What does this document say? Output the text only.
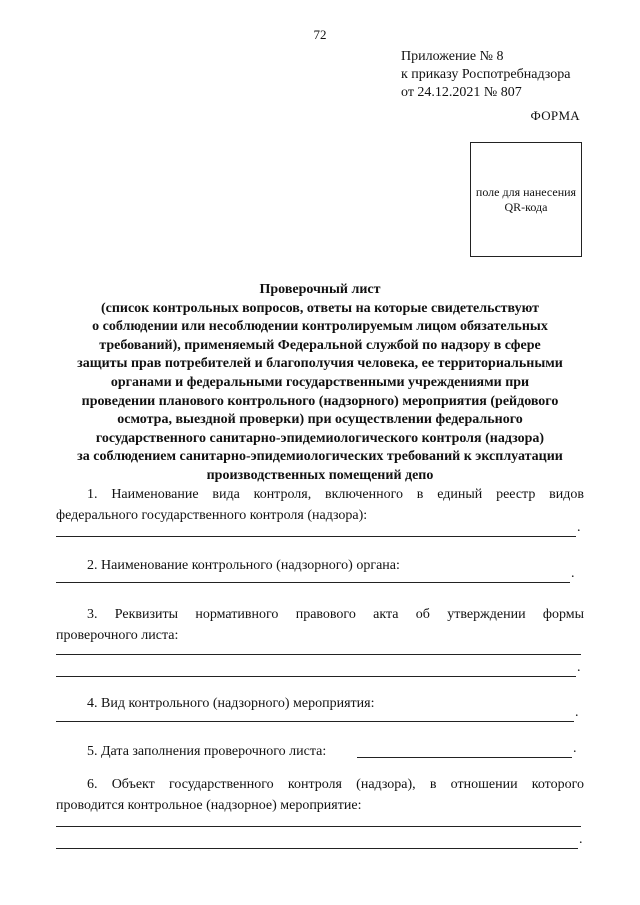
72
Приложение № 8
к приказу Роспотребнадзора
от 24.12.2021 № 807
ФОРМА
поле для нанесения
QR-кода
Проверочный лист
(список контрольных вопросов, ответы на которые свидетельствуют
о соблюдении или несоблюдении контролируемым лицом обязательных
требований), применяемый Федеральной службой по надзору в сфере
защиты прав потребителей и благополучия человека, ее территориальными
органами и федеральными государственными учреждениями при
проведении планового контрольного (надзорного) мероприятия (рейдового
осмотра, выездной проверки) при осуществлении федерального
государственного санитарно-эпидемиологического контроля (надзора)
за соблюдением санитарно-эпидемиологических требований к эксплуатации
производственных помещений депо
1. Наименование вида контроля, включенного в единый реестр видов
федерального государственного контроля (надзора):
.
2. Наименование контрольного (надзорного) органа:
.
3. Реквизиты нормативного правового акта об утверждении формы
проверочного листа:
.
4. Вид контрольного (надзорного) мероприятия:
.
5. Дата заполнения проверочного листа:	.
6. Объект государственного контроля (надзора), в отношении которого
проводится контрольное (надзорное) мероприятие:
.
